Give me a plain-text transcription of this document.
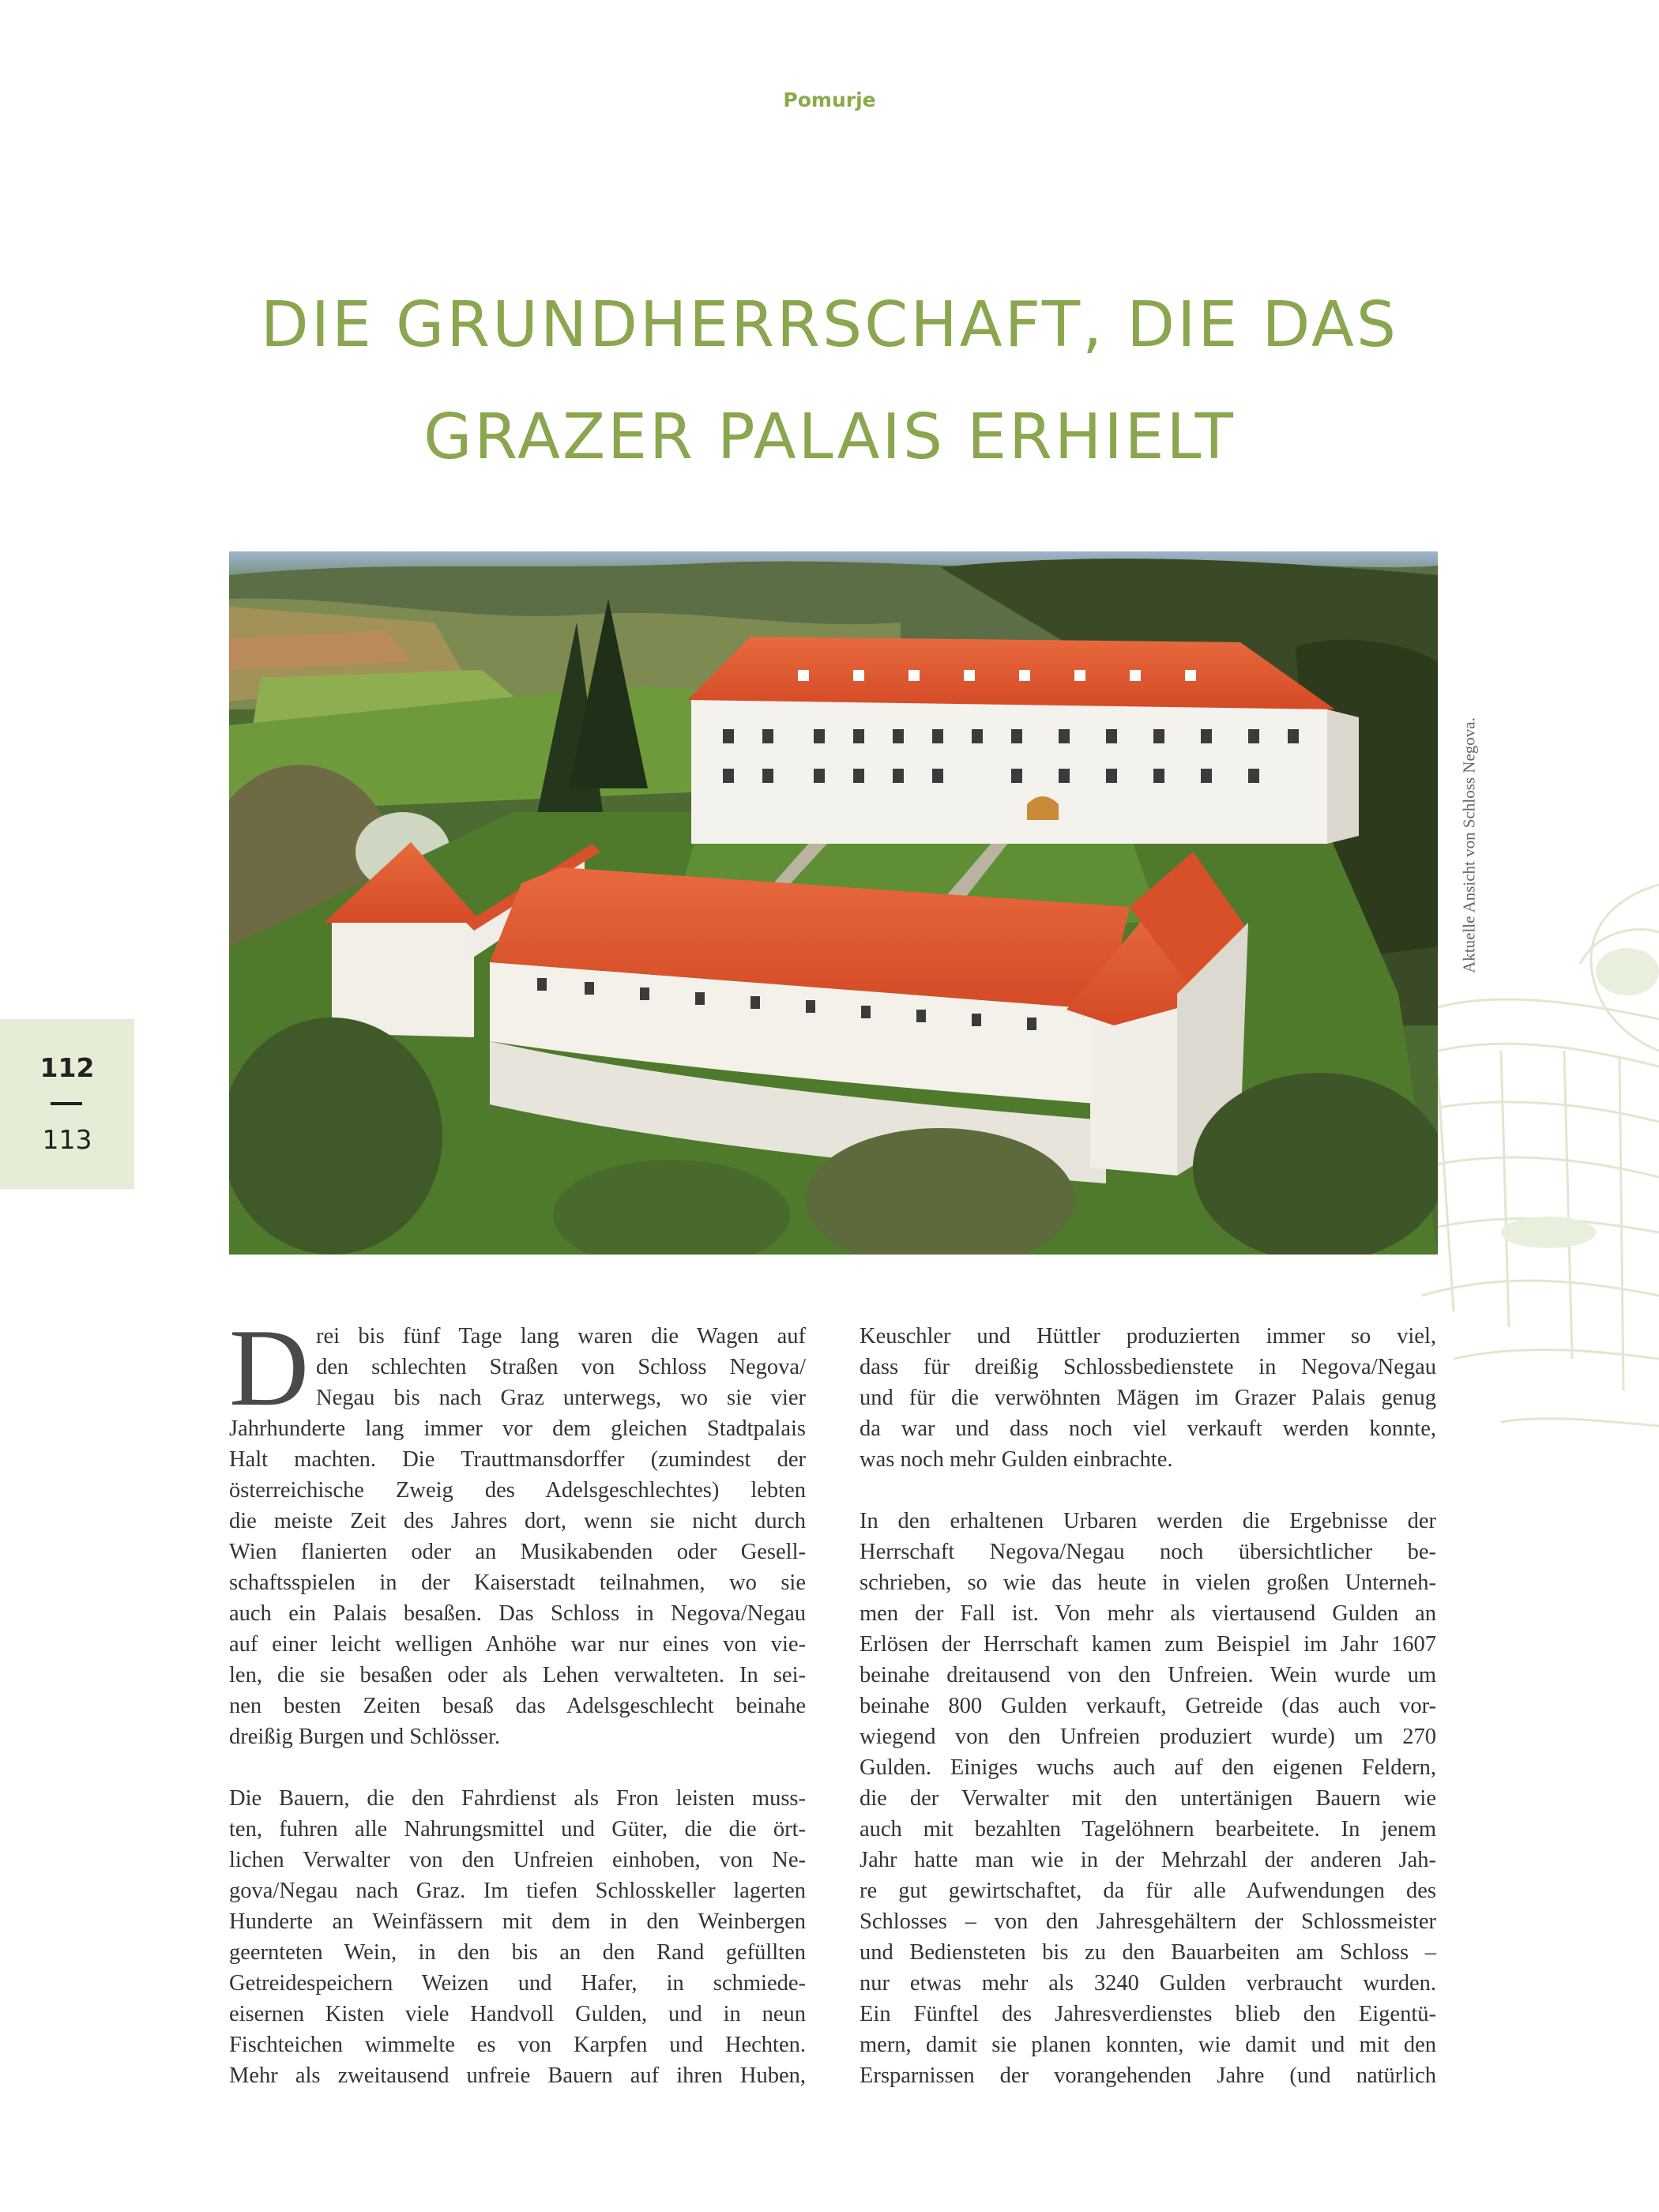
Pomurje
DIE GRUNDHERRSCHAFT, DIE DAS
GRAZER PALAIS ERHIELT
Aktuelle Ansicht von Schloss Negova.
112
113
D rei bis fünf Tage lang waren die Wagen auf
den schlechten Straßen von Schloss Negova/
Negau bis nach Graz unterwegs, wo sie vier
Jahrhunderte lang immer vor dem gleichen Stadtpalais
Halt machten. Die Trauttmansdorffer (zumindest der
österreichische Zweig des Adelsgeschlechtes) lebten
die meiste Zeit des Jahres dort, wenn sie nicht durch
Wien flanierten oder an Musikabenden oder Gesell-
schaftsspielen in der Kaiserstadt teilnahmen, wo sie
auch ein Palais besaßen. Das Schloss in Negova/Negau
auf einer leicht welligen Anhöhe war nur eines von vie-
len, die sie besaßen oder als Lehen verwalteten. In sei-
nen besten Zeiten besaß das Adelsgeschlecht beinahe
dreißig Burgen und Schlösser.
Die Bauern, die den Fahrdienst als Fron leisten muss-
ten, fuhren alle Nahrungsmittel und Güter, die die ört-
lichen Verwalter von den Unfreien einhoben, von Ne-
gova/Negau nach Graz. Im tiefen Schlosskeller lagerten
Hunderte an Weinfässern mit dem in den Weinbergen
geernteten Wein, in den bis an den Rand gefüllten
Getreidespeichern Weizen und Hafer, in schmiede-
eisernen Kisten viele Handvoll Gulden, und in neun
Fischteichen wimmelte es von Karpfen und Hechten.
Mehr als zweitausend unfreie Bauern auf ihren Huben,
Keuschler und Hüttler produzierten immer so viel,
dass für dreißig Schlossbedienstete in Negova/Negau
und für die verwöhnten Mägen im Grazer Palais genug
da war und dass noch viel verkauft werden konnte,
was noch mehr Gulden einbrachte.
In den erhaltenen Urbaren werden die Ergebnisse der
Herrschaft Negova/Negau noch übersichtlicher be-
schrieben, so wie das heute in vielen großen Unterneh-
men der Fall ist. Von mehr als viertausend Gulden an
Erlösen der Herrschaft kamen zum Beispiel im Jahr 1607
beinahe dreitausend von den Unfreien. Wein wurde um
beinahe 800 Gulden verkauft, Getreide (das auch vor-
wiegend von den Unfreien produziert wurde) um 270
Gulden. Einiges wuchs auch auf den eigenen Feldern,
die der Verwalter mit den untertänigen Bauern wie
auch mit bezahlten Tagelöhnern bearbeitete. In jenem
Jahr hatte man wie in der Mehrzahl der anderen Jah-
re gut gewirtschaftet, da für alle Aufwendungen des
Schlosses – von den Jahresgehältern der Schlossmeister
und Bediensteten bis zu den Bauarbeiten am Schloss –
nur etwas mehr als 3240 Gulden verbraucht wurden.
Ein Fünftel des Jahresverdienstes blieb den Eigentü-
mern, damit sie planen konnten, wie damit und mit den
Ersparnissen der vorangehenden Jahre (und natürlich
